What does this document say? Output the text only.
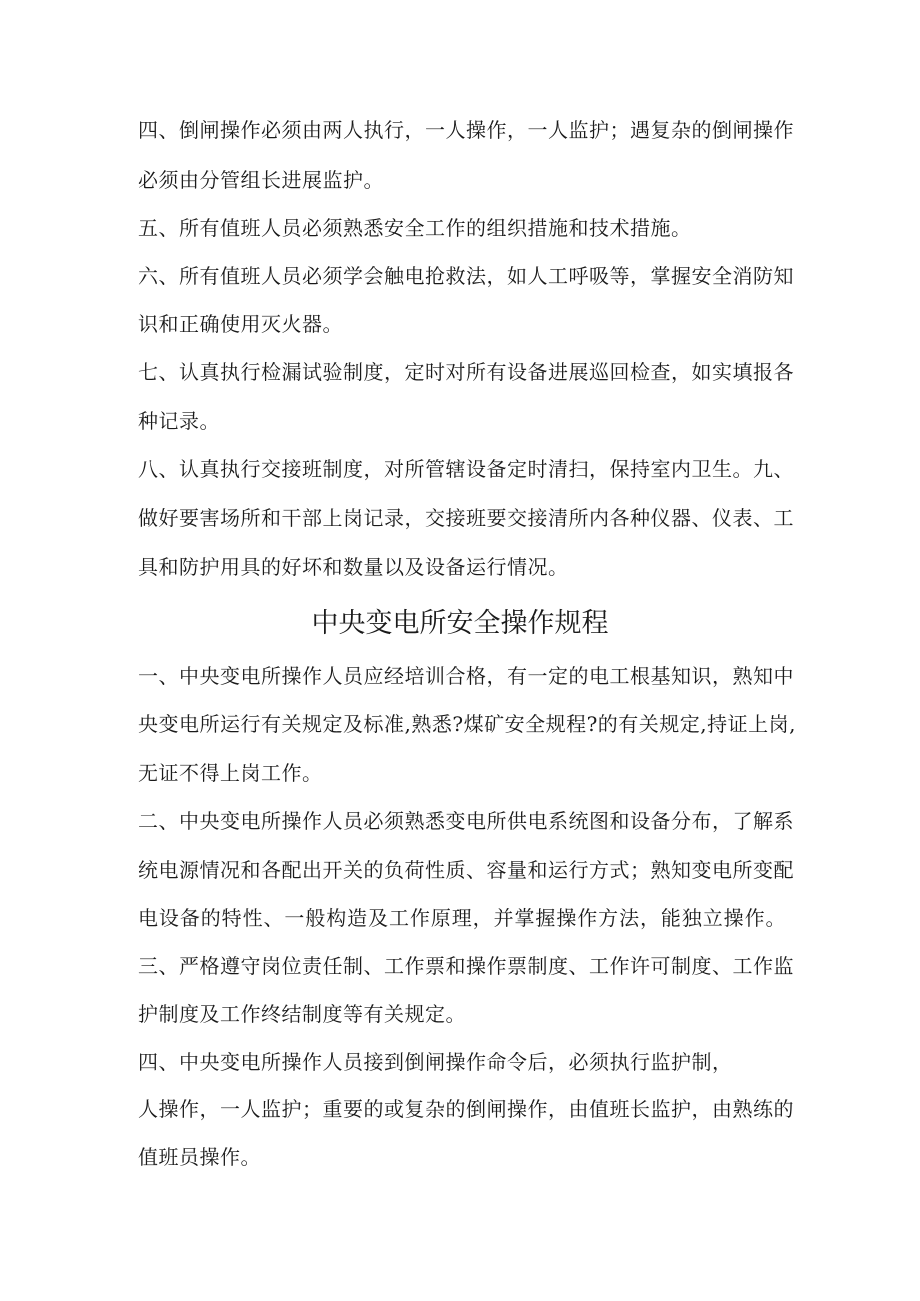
四、倒闸操作必须由两人执行，一人操作，一人监护；遇复杂的倒闸操作
必须由分管组长进展监护。
五、所有值班人员必须熟悉安全工作的组织措施和技术措施。
六、所有值班人员必须学会触电抢救法，如人工呼吸等，掌握安全消防知
识和正确使用灭火器。
七、认真执行检漏试验制度，定时对所有设备进展巡回检查，如实填报各
种记录。
八、认真执行交接班制度，对所管辖设备定时清扫，保持室内卫生。九、
做好要害场所和干部上岗记录，交接班要交接清所内各种仪器、仪表、工
具和防护用具的好坏和数量以及设备运行情况。
中央变电所安全操作规程
一、中央变电所操作人员应经培训合格，有一定的电工根基知识，熟知中
央变电所运行有关规定及标准,熟悉?煤矿安全规程?的有关规定,持证上岗,
无证不得上岗工作。
二、中央变电所操作人员必须熟悉变电所供电系统图和设备分布，了解系
统电源情况和各配出开关的负荷性质、容量和运行方式；熟知变电所变配
电设备的特性、一般构造及工作原理，并掌握操作方法，能独立操作。
三、严格遵守岗位责任制、工作票和操作票制度、工作许可制度、工作监
护制度及工作终结制度等有关规定。
四、中央变电所操作人员接到倒闸操作命令后，必须执行监护制，
人操作，一人监护；重要的或复杂的倒闸操作，由值班长监护，由熟练的
值班员操作。
